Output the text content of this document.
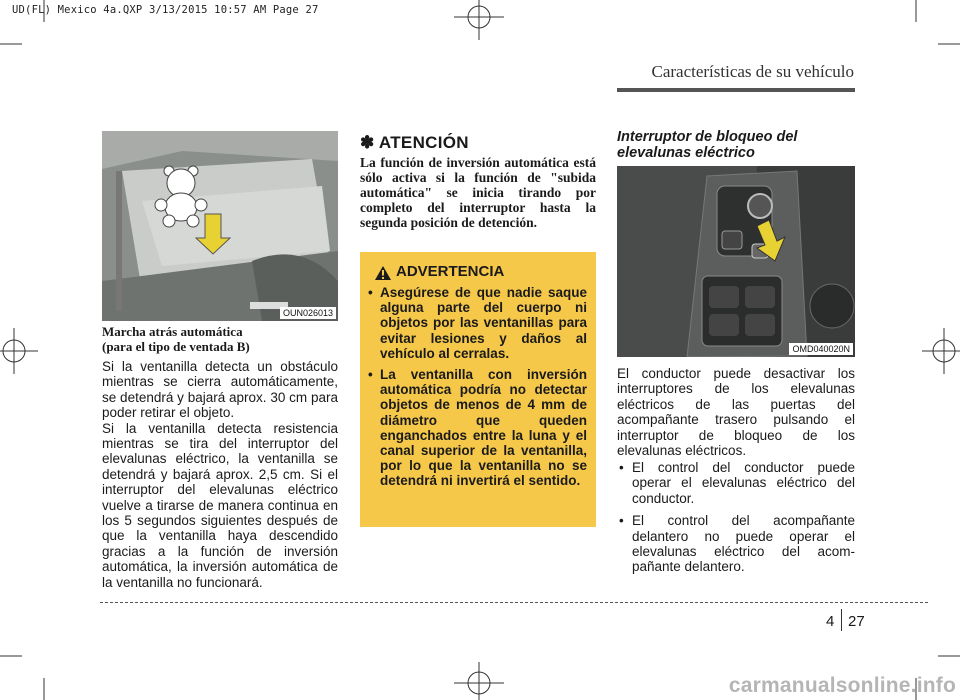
UD(FL) Mexico 4a.QXP 3/13/2015 10:57 AM Page 27
Características de su vehículo
OUN026013
Marcha atrás automática
(para el tipo de ventada B)

Si la ventanilla detecta un obstáculo mientras se cierra automáticamente, se detendrá y bajará aprox. 30 cm para poder retirar el objeto.

Si la ventanilla detecta resistencia mientras se tira del interruptor del elevalunas eléctrico, la ventanilla se detendrá y bajará aprox. 2,5 cm. Si el interruptor del elevalunas eléctrico vuelve a tirarse de manera continua en los 5 segundos siguientes después de que la ventanilla haya descendido gracias a la función de inversión automática, la inversión automática de la ventanilla no funcionará.

✽ ATENCIÓN
La función de inversión automática está sólo activa si la función de "subida automática" se inicia tirando por completo del interruptor hasta la segunda posición de detención.
ADVERTENCIA
• Asegúrese de que nadie saque alguna parte del cuerpo ni objetos por las ventanillas para evitar lesiones y daños al vehículo al cerralas.
• La ventanilla con inversión automática podría no detectar objetos de menos de 4 mm de diámetro que queden enganchados entre la luna y el canal superior de la ventanilla, por lo que la ventanilla no se detendrá ni invertirá el sentido.
Interruptor de bloqueo del
elevalunas eléctrico
OMD040020N
El conductor puede desactivar los interruptores de los elevalunas eléctricos de las puertas del acompañante trasero pulsando el interruptor de bloqueo de los elevalunas eléctricos.
• El control del conductor puede operar el elevalunas eléctrico del conductor.
• El control del acompañante delantero no puede operar el elevalunas eléctrico del acom-pañante delantero.
4 27
carmanualsonline.info
